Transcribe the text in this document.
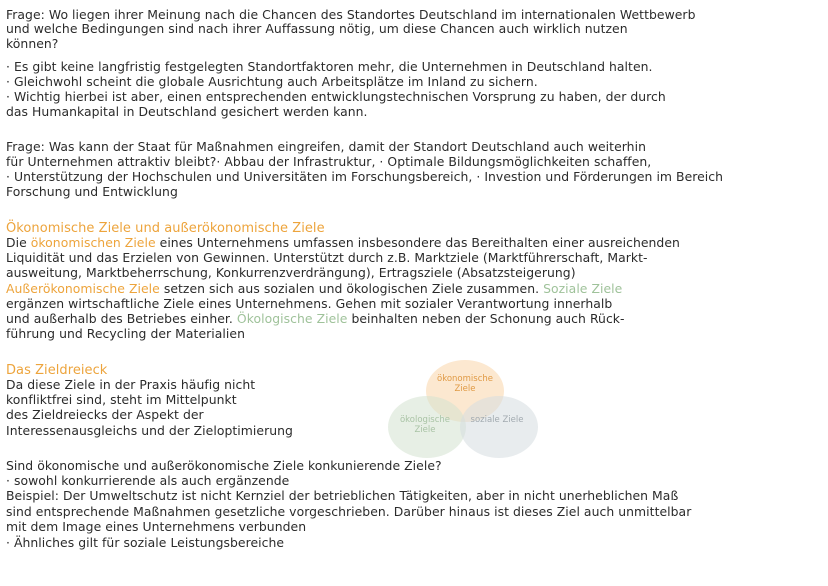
Frage: Wo liegen ihrer Meinung nach die Chancen des Standortes Deutschland im internationalen Wettbewerb
und welche Bedingungen sind nach ihrer Auffassung nötig, um diese Chancen auch wirklich nutzen
können?
· Es gibt keine langfristig festgelegten Standortfaktoren mehr, die Unternehmen in Deutschland halten.
· Gleichwohl scheint die globale Ausrichtung auch Arbeitsplätze im Inland zu sichern.
· Wichtig hierbei ist aber, einen entsprechenden entwicklungstechnischen Vorsprung zu haben, der durch
das Humankapital in Deutschland gesichert werden kann.
Frage: Was kann der Staat für Maßnahmen eingreifen, damit der Standort Deutschland auch weiterhin
für Unternehmen attraktiv bleibt?· Abbau der Infrastruktur, · Optimale Bildungsmöglichkeiten schaffen,
· Unterstützung der Hochschulen und Universitäten im Forschungsbereich, · Investion und Förderungen im Bereich
Forschung und Entwicklung
Ökonomische Ziele und außerökonomische Ziele
Die ökonomischen Ziele eines Unternehmens umfassen insbesondere das Bereithalten einer ausreichenden
Liquidität und das Erzielen von Gewinnen. Unterstützt durch z.B. Marktziele (Marktführerschaft, Markt-
ausweitung, Marktbeherrschung, Konkurrenzverdrängung), Ertragsziele (Absatzsteigerung)
Außerökonomische Ziele setzen sich aus sozialen und ökologischen Ziele zusammen. Soziale Ziele
ergänzen wirtschaftliche Ziele eines Unternehmens. Gehen mit sozialer Verantwortung innerhalb
und außerhalb des Betriebes einher. Ökologische Ziele beinhalten neben der Schonung auch Rück-
führung und Recycling der Materialien
Das Zieldreieck
Da diese Ziele in der Praxis häufig nicht
konfliktfrei sind, steht im Mittelpunkt
des Zieldreiecks der Aspekt der
Interessenausgleichs und der Zieloptimierung
Sind ökonomische und außerökonomische Ziele konkunierende Ziele?
· sowohl konkurrierende als auch ergänzende
Beispiel: Der Umweltschutz ist nicht Kernziel der betrieblichen Tätigkeiten, aber in nicht unerheblichen Maß
sind entsprechende Maßnahmen gesetzliche vorgeschrieben. Darüber hinaus ist dieses Ziel auch unmittelbar
mit dem Image eines Unternehmens verbunden
· Ähnliches gilt für soziale Leistungsbereiche
ökonomische Ziele
ökologische Ziele
soziale Ziele
